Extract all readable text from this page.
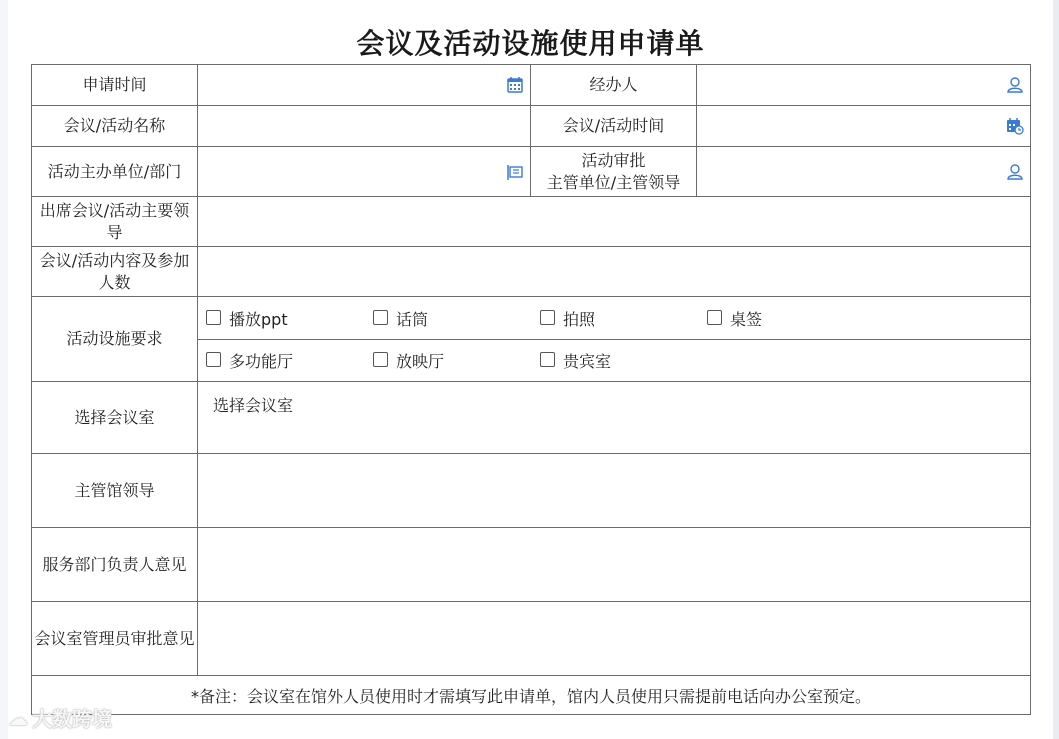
会议及活动设施使用申请单
申请时间		经办人	

会议/活动名称		会议/活动时间	

活动主办单位/部门		活动审批
主管单位/主管领导

出席会议/活动主要领导			
会议/活动内容及参加人数			
活动设施要求	播放ppt 话筒 拍照 桌签		

	多功能厅 放映厅 贵宾室		

选择会议室	选择会议室		

主管馆领导			
服务部门负责人意见			
会议室管理员审批意见			
*备注：会议室在馆外人员使用时才需填写此申请单，馆内人员使用只需提前电话向办公室预定。			
☁ 大数跨境
